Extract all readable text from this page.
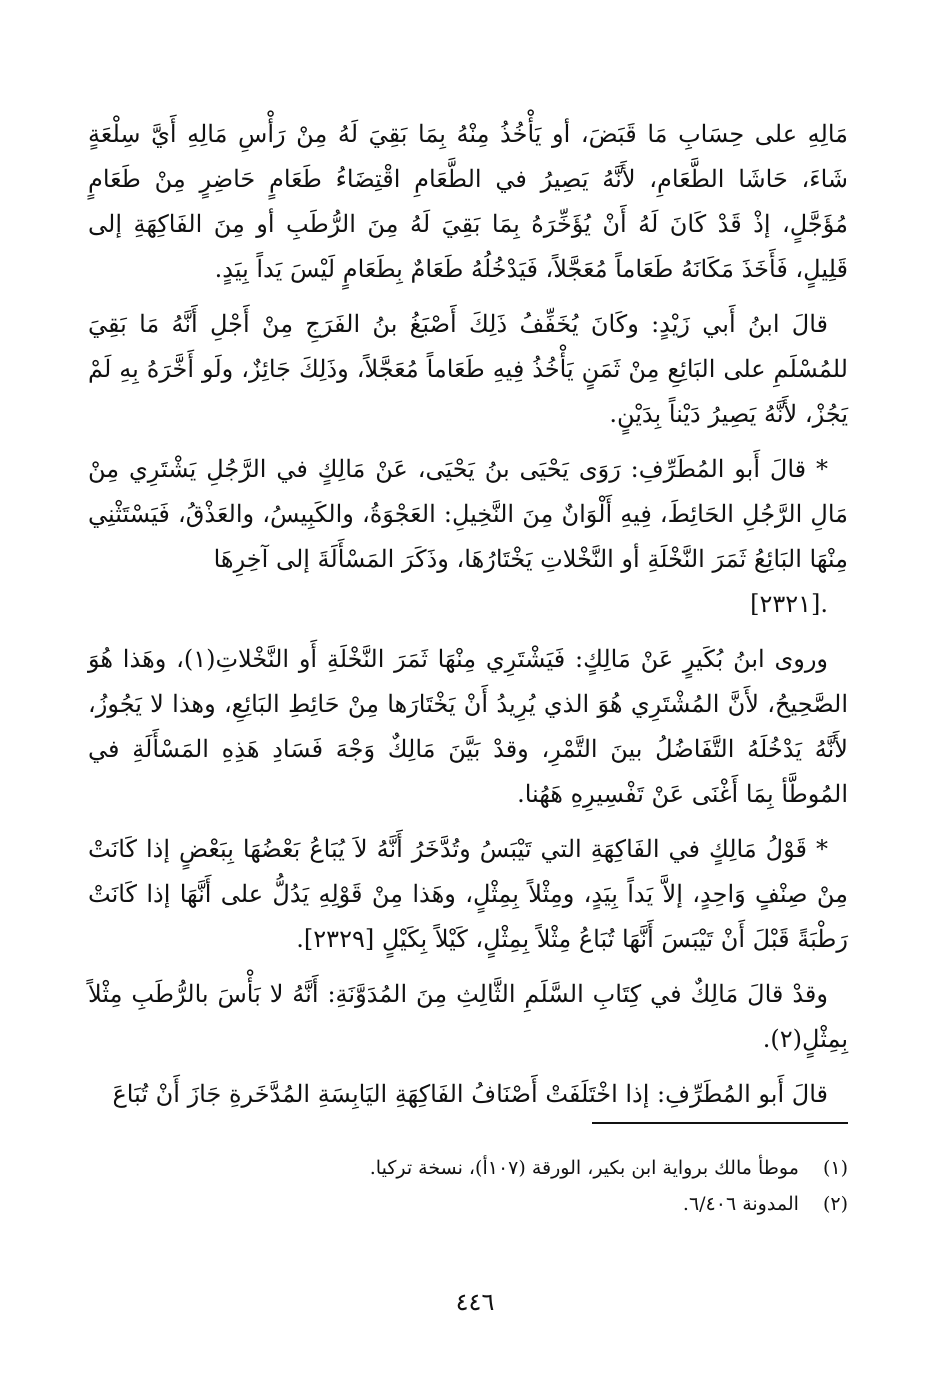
مَالِهِ على حِسَابِ مَا قَبَضَ، أو يَأْخُذُ مِنْهُ بِمَا بَقِيَ لَهُ مِنْ رَأْسِ مَالِهِ أَيَّ سِلْعَةٍ شَاءَ، حَاشَا الطَّعَامِ، لأَنَّهُ يَصِيرُ في الطَّعَامِ اقْتِضَاءُ طَعَامٍ حَاضِرٍ مِنْ طَعَامٍ مُؤَجَّلٍ، إذْ قَدْ كَانَ لَهُ أَنْ يُؤَخِّرَهُ بِمَا بَقِيَ لَهُ مِنَ الرُّطَبِ أو مِنَ الفَاكِهَةِ إلى قَلِيلٍ، فَأَخَذَ مَكَانَهُ طَعَاماً مُعَجَّلاً، فَيَدْخُلُهُ طَعَامٌ بِطَعَامٍ لَيْسَ يَداً بِيَدٍ.

قالَ ابنُ أَبي زَيْدٍ: وكَانَ يُخَفِّفُ ذَلِكَ أَصْبَغُ بنُ الفَرَجِ مِنْ أَجْلِ أَنَّهُ مَا بَقِيَ للمُسْلَمِ على البَائِعِ مِنْ ثَمَنٍ يَأْخُذُ فِيهِ طَعَاماً مُعَجَّلاً، وذَلِكَ جَائِزٌ، ولَو أَخَّرَهُ بِهِ لَمْ يَجُزْ، لأَنَّهُ يَصِيرُ دَيْناً بِدَيْنٍ.

* قالَ أَبو المُطَرِّفِ: رَوَى يَحْيَى بنُ يَحْيَى، عَنْ مَالِكٍ في الرَّجُلِ يَشْتَرِي مِنْ مَالِ الرَّجُلِ الحَائِطَ، فِيهِ أَلْوَانٌ مِنَ النَّخِيلِ: العَجْوَةُ، والكَبِيسُ، والعَذْقُ، فَيَسْتَثْنِي مِنْهَا البَائِعُ ثَمَرَ النَّخْلَةِ أو النَّخْلاتِ يَخْتَارُهَا، وذَكَرَ المَسْأَلَةَ إلى آخِرِهَا
.[٢٣٢١]

وروى ابنُ بُكَيرٍ عَنْ مَالِكٍ: فَيَشْتَرِي مِنْهَا ثَمَرَ النَّخْلَةِ أَو النَّخْلاتِ(١)، وهَذا هُوَ الصَّحِيحُ، لأَنَّ المُشْتَرِي هُوَ الذي يُرِيدُ أَنْ يَخْتَارَها مِنْ حَائِطِ البَائِعِ، وهذا لا يَجُوزُ، لأَنَّهُ يَدْخُلَهُ التَّفَاضُلُ بينَ التَّمْرِ، وقدْ بَيَّنَ مَالِكٌ وَجْهَ فَسَادِ هَذِهِ المَسْأَلَةِ في المُوطَّأ بِمَا أَغْنَى عَنْ تَفْسِيرِهِ هَهُنا.

* قَوْلُ مَالِكٍ في الفَاكِهَةِ التي تَيْبَسُ وتُدَّخَرُ أَنَّهُ لاَ يُبَاعُ بَعْضُهَا بِبَعْضٍ إذا كَانَتْ مِنْ صِنْفٍ وَاحِدٍ، إلاَّ يَداً بِيَدٍ، ومِثْلاً بِمِثْلٍ، وهَذا مِنْ قَوْلِهِ يَدُلُّ على أَنَّهَا إذا كَانَتْ رَطْبَةً قَبْلَ أَنْ تَيْبَسَ أَنَّهَا تُبَاعُ مِثْلاً بِمِثْلٍ، كَيْلاً بِكَيْلٍ [٢٣٢٩].

وقدْ قالَ مَالِكٌ في كِتَابِ السَّلَمِ الثَّالِثِ مِنَ المُدَوَّنَةِ: أَنَّهُ لا بَأْسَ بالرُّطَبِ مِثْلاً بِمِثْلٍ(٢).

قالَ أَبو المُطَرِّفِ: إذا اخْتَلَفَتْ أَصْنَافُ الفَاكِهَةِ اليَابِسَةِ المُدَّخَرةِ جَازَ أَنْ تُبَاعَ

(١) موطأ مالك برواية ابن بكير، الورقة (١٠٧أ)، نسخة تركيا.

(٢) المدونة ٦/٤٠٦.

٤٤٦
